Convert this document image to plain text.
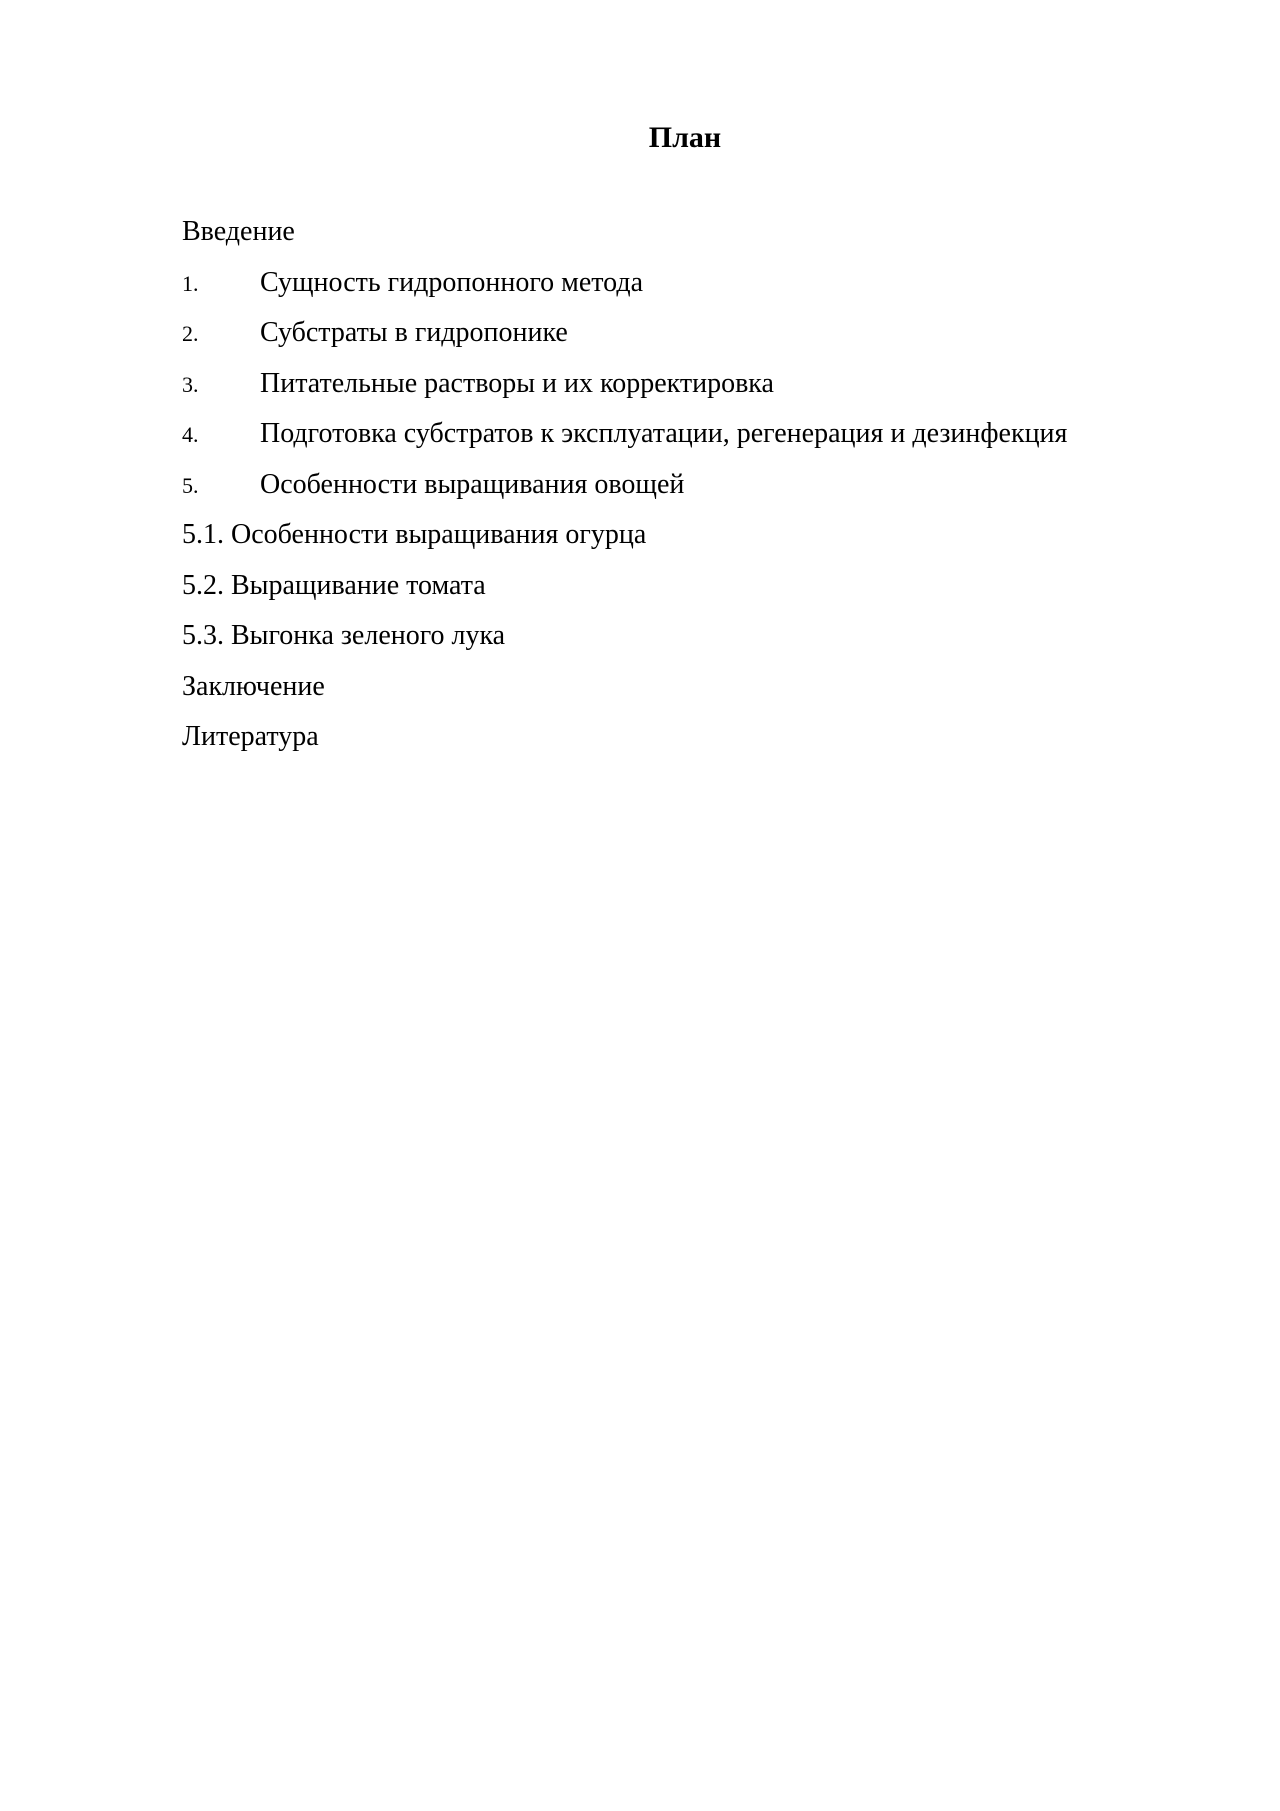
План
Введение
1. Сущность гидропонного метода
2. Субстраты в гидропонике
3. Питательные растворы и их корректировка
4. Подготовка субстратов к эксплуатации, регенерация и дезинфекция
5. Особенности выращивания овощей
5.1. Особенности выращивания огурца
5.2. Выращивание томата
5.3. Выгонка зеленого лука
Заключение
Литература
